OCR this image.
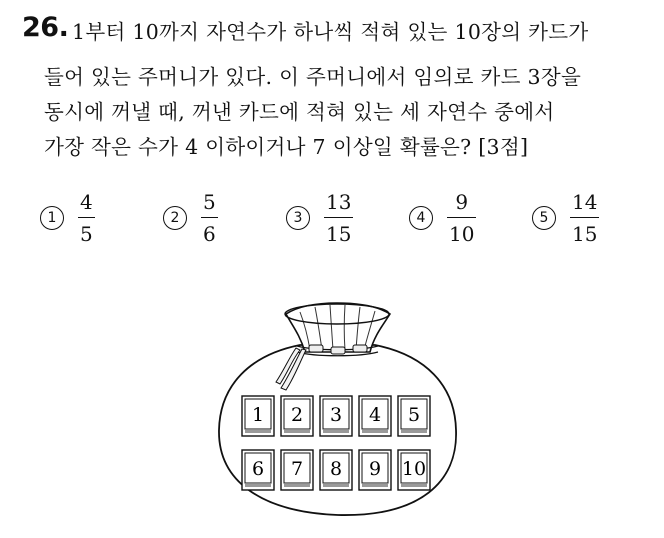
26. 1부터 10까지 자연수가 하나씩 적혀 있는 10장의 카드가
들어 있는 주머니가 있다. 이 주머니에서 임의로 카드 3장을
동시에 꺼낼 때, 꺼낸 카드에 적혀 있는 세 자연수 중에서
가장 작은 수가 4 이하이거나 7 이상일 확률은? [3점]
1	$\frac{4}{5}$	2	$\frac{5}{6}$	3	$\frac{13}{15}$	4	$\frac{9}{10}$	5	$\frac{14}{15}$
1 2 3 4 5
6 7 8 9 10
